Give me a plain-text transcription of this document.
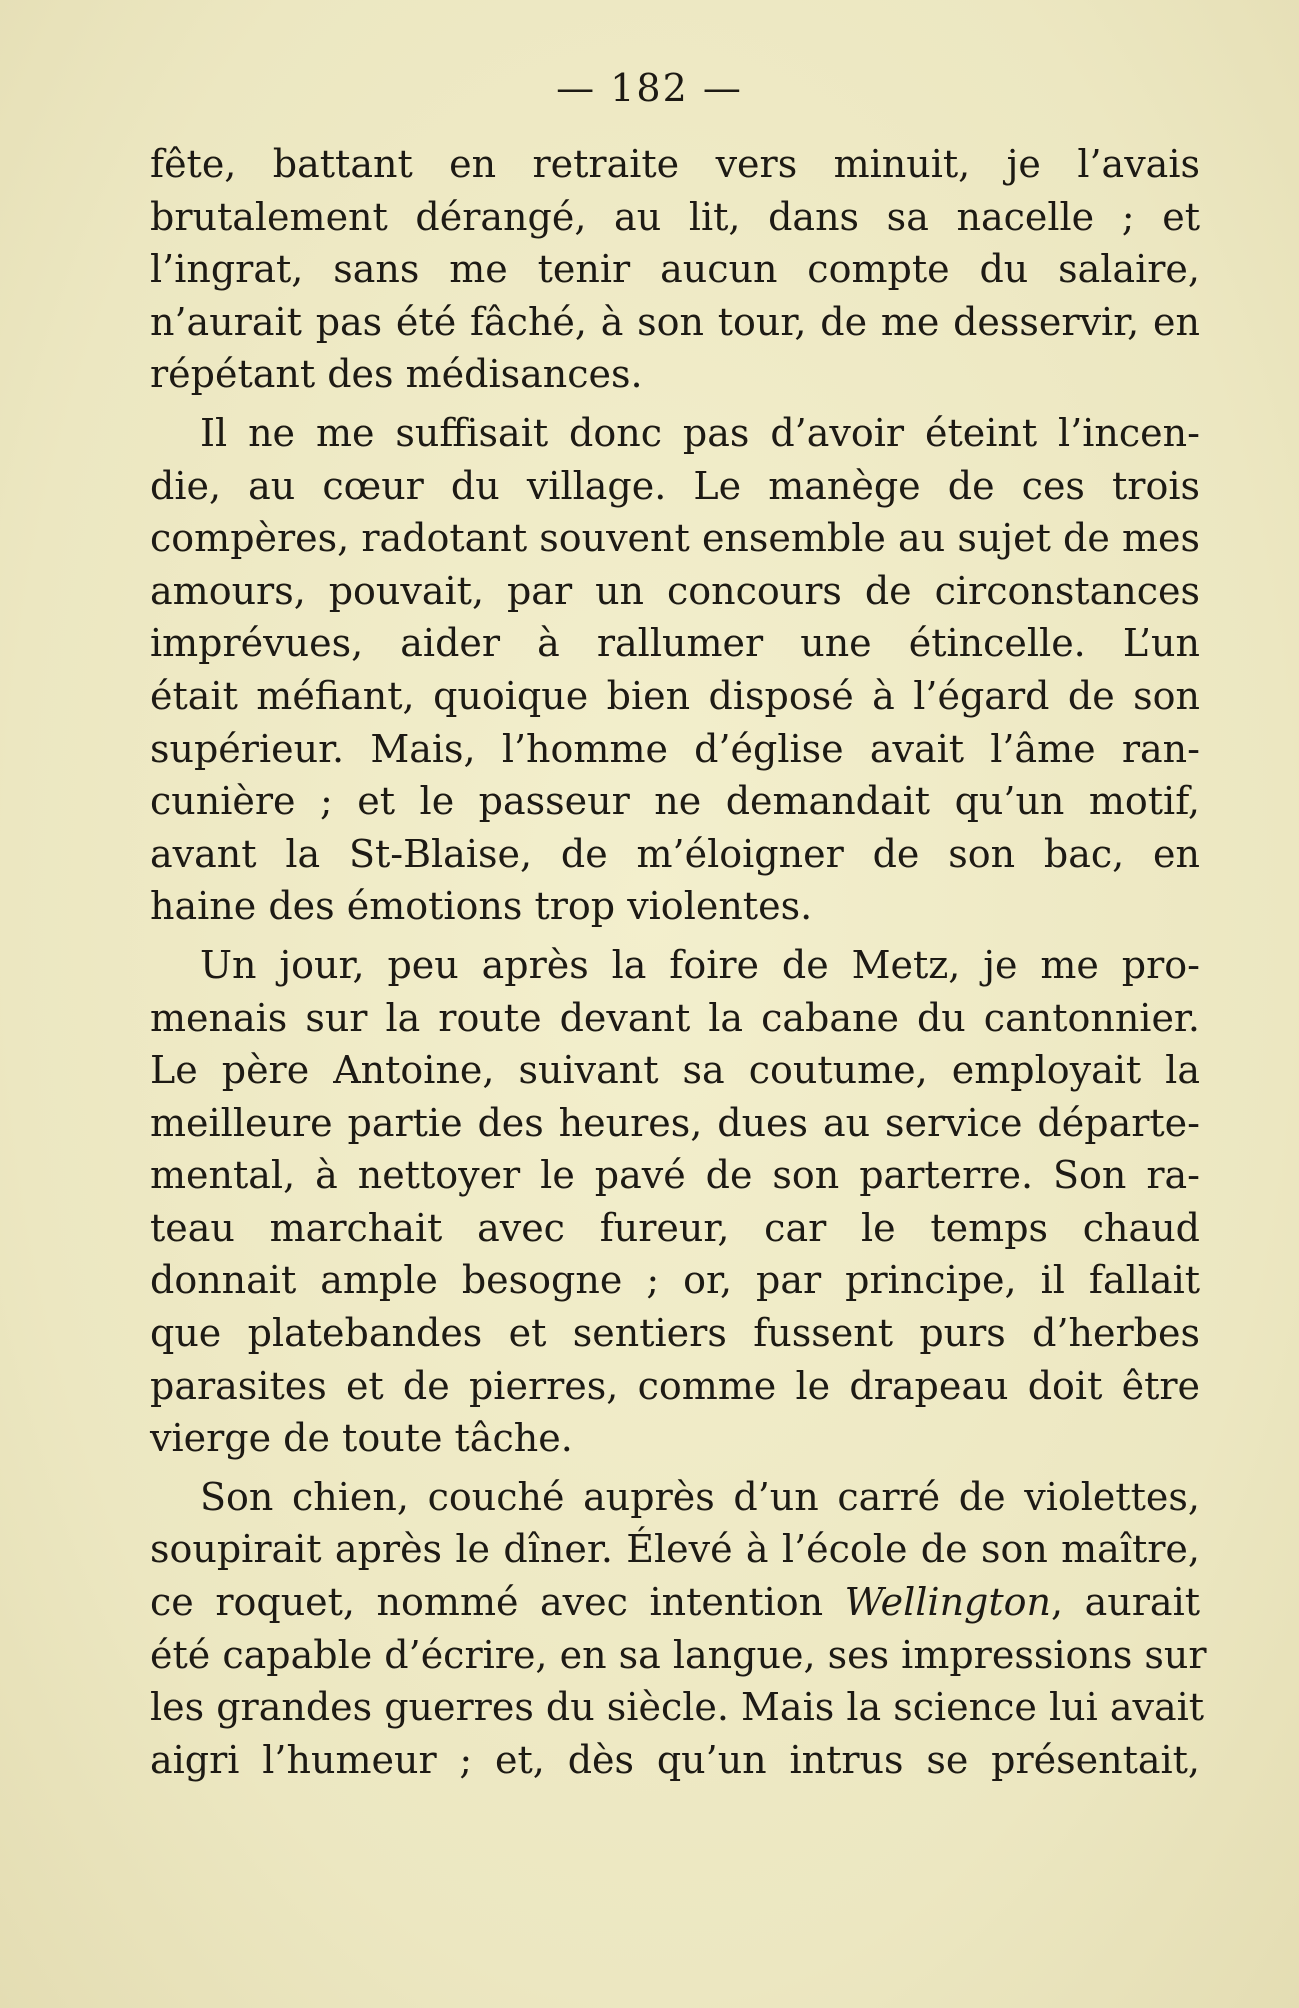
— 182 —
fête, battant en retraite vers minuit, je l’avais
brutalement dérangé, au lit, dans sa nacelle ; et
l’ingrat, sans me tenir aucun compte du salaire,
n’aurait pas été fâché, à son tour, de me desservir, en
répétant des médisances.
Il ne me suffisait donc pas d’avoir éteint l’incen-
die, au cœur du village. Le manège de ces trois
compères, radotant souvent ensemble au sujet de mes
amours, pouvait, par un concours de circonstances
imprévues, aider à rallumer une étincelle. L’un
était méfiant, quoique bien disposé à l’égard de son
supérieur. Mais, l’homme d’église avait l’âme ran-
cunière ; et le passeur ne demandait qu’un motif,
avant la St-Blaise, de m’éloigner de son bac, en
haine des émotions trop violentes.
Un jour, peu après la foire de Metz, je me pro-
menais sur la route devant la cabane du cantonnier.
Le père Antoine, suivant sa coutume, employait la
meilleure partie des heures, dues au service départe-
mental, à nettoyer le pavé de son parterre. Son ra-
teau marchait avec fureur, car le temps chaud
donnait ample besogne ; or, par principe, il fallait
que platebandes et sentiers fussent purs d’herbes
parasites et de pierres, comme le drapeau doit être
vierge de toute tâche.
Son chien, couché auprès d’un carré de violettes,
soupirait après le dîner. Élevé à l’école de son maître,
ce roquet, nommé avec intention Wellington, aurait
été capable d’écrire, en sa langue, ses impressions sur
les grandes guerres du siècle. Mais la science lui avait
aigri l’humeur ; et, dès qu’un intrus se présentait,
